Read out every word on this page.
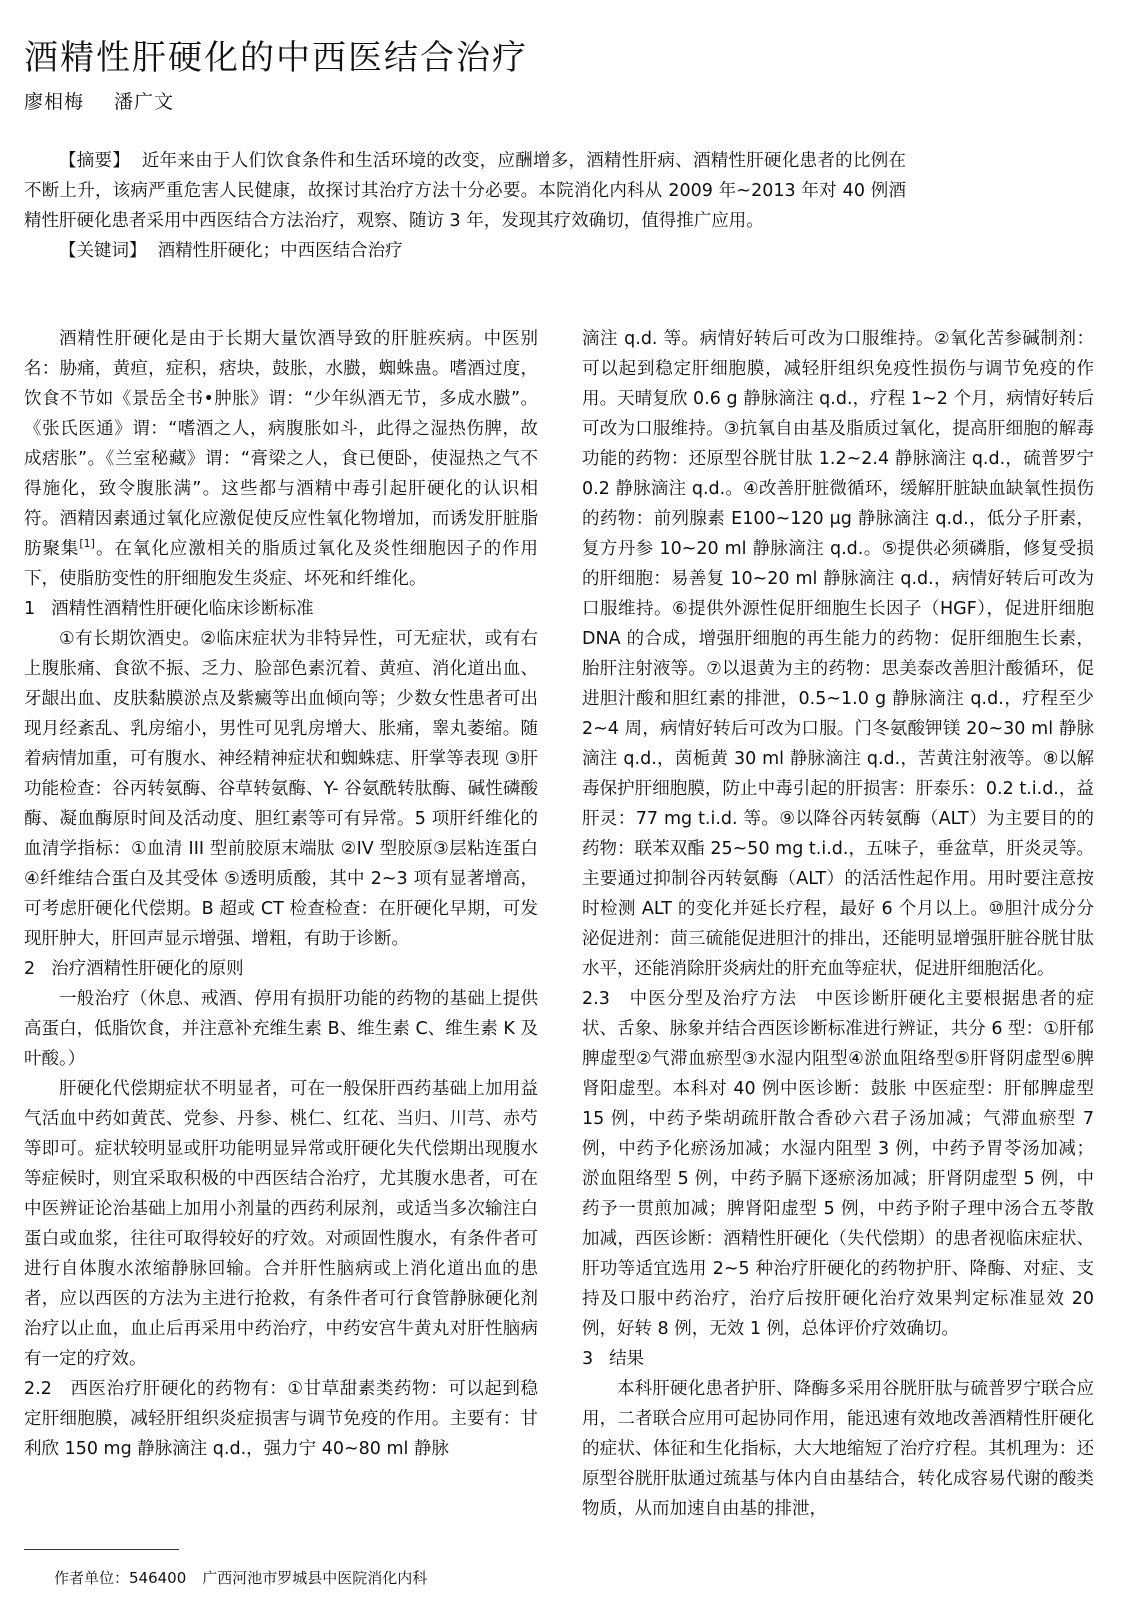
酒精性肝硬化的中西医结合治疗
廖相梅 潘广文

【摘要】 近年来由于人们饮食条件和生活环境的改变，应酬增多，酒精性肝病、酒精性肝硬化患者的比例在不断上升，该病严重危害人民健康，故探讨其治疗方法十分必要。本院消化内科从 2009 年~2013 年对 40 例酒精性肝硬化患者采用中西医结合方法治疗，观察、随访 3 年，发现其疗效确切，值得推广应用。

【关键词】 酒精性肝硬化；中西医结合治疗

酒精性肝硬化是由于长期大量饮酒导致的肝脏疾病。中医别名：胁痛，黄疸，症积，痞块，鼓胀，水臌，蜘蛛蛊。嗜酒过度，饮食不节如《景岳全书•肿胀》谓：“少年纵酒无节，多成水臌”。《张氏医通》谓：“嗜酒之人，病腹胀如斗，此得之湿热伤脾，故成痞胀”。《兰室秘藏》谓：“膏梁之人，食已便卧，使湿热之气不得施化，致令腹胀满”。这些都与酒精中毒引起肝硬化的认识相符。酒精因素通过氧化应激促使反应性氧化物增加，而诱发肝脏脂肪聚集[1]。在氧化应激相关的脂质过氧化及炎性细胞因子的作用下，使脂肪变性的肝细胞发生炎症、坏死和纤维化。

1 酒精性酒精性肝硬化临床诊断标准

①有长期饮酒史。②临床症状为非特异性，可无症状，或有右上腹胀痛、食欲不振、乏力、脸部色素沉着、黄疸、消化道出血、牙龈出血、皮肤黏膜淤点及紫癜等出血倾向等；少数女性患者可出现月经紊乱、乳房缩小，男性可见乳房增大、胀痛，睾丸萎缩。随着病情加重，可有腹水、神经精神症状和蜘蛛痣、肝掌等表现 ③肝功能检查：谷丙转氨酶、谷草转氨酶、Y- 谷氨酰转肽酶、碱性磷酸酶、凝血酶原时间及活动度、胆红素等可有异常。5 项肝纤维化的血清学指标：①血清 III 型前胶原末端肽 ②IV 型胶原③层粘连蛋白④纤维结合蛋白及其受体 ⑤透明质酸，其中 2~3 项有显著增高，可考虑肝硬化代偿期。B 超或 CT 检查检查：在肝硬化早期，可发现肝肿大，肝回声显示增强、增粗，有助于诊断。

2 治疗酒精性肝硬化的原则

一般治疗（休息、戒酒、停用有损肝功能的药物的基础上提供高蛋白，低脂饮食，并注意补充维生素 B、维生素 C、维生素 K 及叶酸。）

肝硬化代偿期症状不明显者，可在一般保肝西药基础上加用益气活血中药如黄芪、党参、丹参、桃仁、红花、当归、川芎、赤芍等即可。症状较明显或肝功能明显异常或肝硬化失代偿期出现腹水等症候时，则宜采取积极的中西医结合治疗，尤其腹水患者，可在中医辨证论治基础上加用小剂量的西药利尿剂，或适当多次输注白蛋白或血浆，往往可取得较好的疗效。对顽固性腹水，有条件者可进行自体腹水浓缩静脉回输。合并肝性脑病或上消化道出血的患者，应以西医的方法为主进行抢救，有条件者可行食管静脉硬化剂治疗以止血，血止后再采用中药治疗，中药安宫牛黄丸对肝性脑病有一定的疗效。

2.2　西医治疗肝硬化的药物有：①甘草甜素类药物：可以起到稳定肝细胞膜，减轻肝组织炎症损害与调节免疫的作用。主要有：甘利欣 150 mg 静脉滴注 q.d.，强力宁 40~80 ml 静脉

滴注 q.d. 等。病情好转后可改为口服维持。②氧化苦参碱制剂：可以起到稳定肝细胞膜，减轻肝组织免疫性损伤与调节免疫的作用。天晴复欣 0.6 g 静脉滴注 q.d.，疗程 1~2 个月，病情好转后可改为口服维持。③抗氧自由基及脂质过氧化，提高肝细胞的解毒功能的药物：还原型谷胱甘肽 1.2~2.4 静脉滴注 q.d.，硫普罗宁 0.2 静脉滴注 q.d.。④改善肝脏微循环，缓解肝脏缺血缺氧性损伤的药物：前列腺素 E100~120 μg 静脉滴注 q.d.，低分子肝素，复方丹参 10~20 ml 静脉滴注 q.d.。⑤提供必须磷脂，修复受损的肝细胞：易善复 10~20 ml 静脉滴注 q.d.，病情好转后可改为口服维持。⑥提供外源性促肝细胞生长因子（HGF），促进肝细胞 DNA 的合成，增强肝细胞的再生能力的药物：促肝细胞生长素，胎肝注射液等。⑦以退黄为主的药物：思美泰改善胆汁酸循环，促进胆汁酸和胆红素的排泄，0.5~1.0 g 静脉滴注 q.d.，疗程至少 2~4 周，病情好转后可改为口服。门冬氨酸钾镁 20~30 ml 静脉滴注 q.d.，茵栀黄 30 ml 静脉滴注 q.d.，苦黄注射液等。⑧以解毒保护肝细胞膜，防止中毒引起的肝损害：肝泰乐：0.2 t.i.d.，益肝灵：77 mg t.i.d. 等。⑨以降谷丙转氨酶（ALT）为主要目的的药物：联苯双酯 25~50 mg t.i.d.，五味子，垂盆草，肝炎灵等。主要通过抑制谷丙转氨酶（ALT）的活活性起作用。用时要注意按时检测 ALT 的变化并延长疗程，最好 6 个月以上。⑩胆汁成分分泌促进剂：茴三硫能促进胆汁的排出，还能明显增强肝脏谷胱甘肽水平，还能消除肝炎病灶的肝充血等症状，促进肝细胞活化。

2.3　中医分型及治疗方法　中医诊断肝硬化主要根据患者的症状、舌象、脉象并结合西医诊断标准进行辨证，共分 6 型：①肝郁脾虚型②气滞血瘀型③水湿内阻型④淤血阻络型⑤肝肾阴虚型⑥脾肾阳虚型。本科对 40 例中医诊断：鼓胀 中医症型：肝郁脾虚型 15 例，中药予柴胡疏肝散合香砂六君子汤加减；气滞血瘀型 7 例，中药予化瘀汤加减；水湿内阻型 3 例，中药予胃苓汤加减；淤血阻络型 5 例，中药予膈下逐瘀汤加减；肝肾阴虚型 5 例，中药予一贯煎加减；脾肾阳虚型 5 例，中药予附子理中汤合五苓散加减，西医诊断：酒精性肝硬化（失代偿期）的患者视临床症状、肝功等适宜选用 2~5 种治疗肝硬化的药物护肝、降酶、对症、支持及口服中药治疗，治疗后按肝硬化治疗效果判定标准显效 20 例，好转 8 例，无效 1 例，总体评价疗效确切。

3 结果

本科肝硬化患者护肝、降酶多采用谷胱肝肽与硫普罗宁联合应用，二者联合应用可起协同作用，能迅速有效地改善酒精性肝硬化的症状、体征和生化指标，大大地缩短了治疗疗程。其机理为：还原型谷胱肝肽通过巯基与体内自由基结合，转化成容易代谢的酸类物质，从而加速自由基的排泄，

作者单位：546400 广西河池市罗城县中医院消化内科
